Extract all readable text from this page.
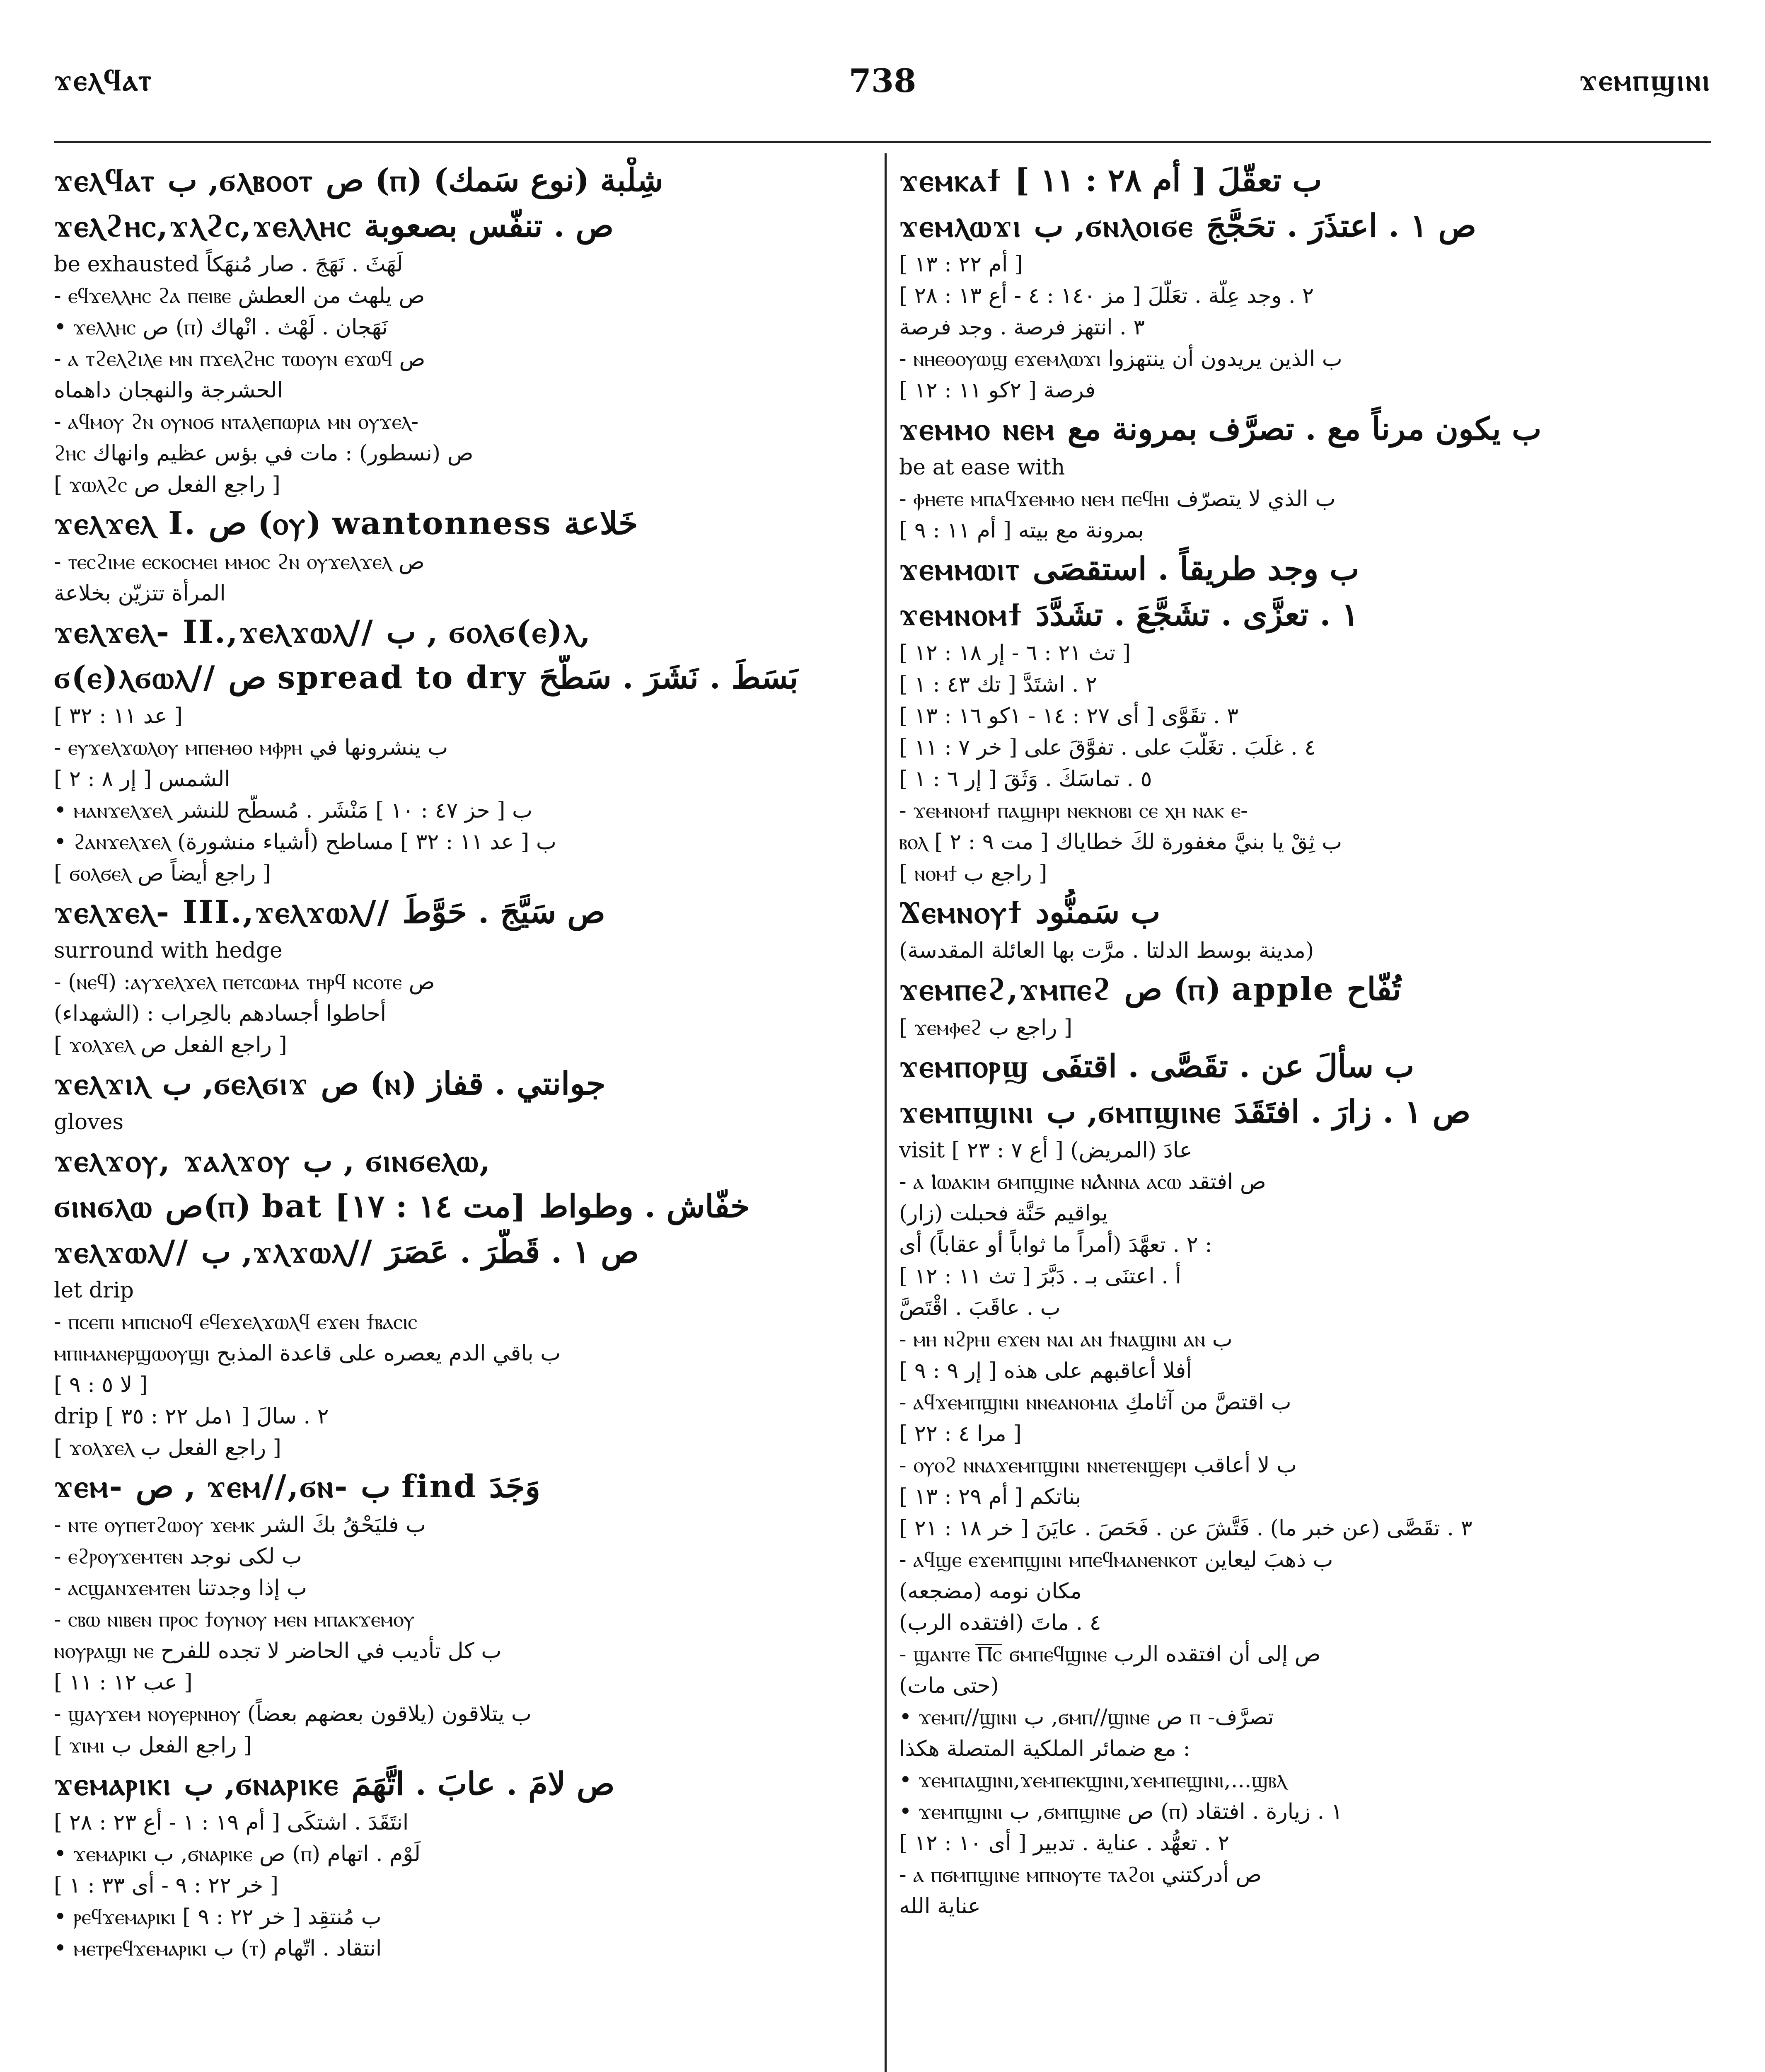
ϫⲉⲗϥⲁⲧ	738	ϫⲉⲙⲡϣⲓⲛⲓ
ϫⲉⲗϥⲁⲧ ب ,ϭⲗⲃⲟⲟⲧ ص (ⲡ) شِلْبة (نوع سَمك)
ϫⲉⲗϩⲏⲥ,ϫⲗϩⲥ,ϫⲉⲗⲗⲏⲥ ص . تنفّس بصعوبة
be exhausted لَهَثَ . نَهَجَ . صار مُنهَكاً
- ⲉϥϫⲉⲗⲗⲏⲥ ϩⲁ ⲡⲉⲓⲃⲉ ص يلهث من العطش
• ϫⲉⲗⲗⲏⲥ ص (ⲡ) نَهَجان . لَهْث . انْهاك
- ⲁ ⲧϩⲉⲗϩⲓⲗⲉ ⲙⲛ ⲡϫⲉⲗϩⲏⲥ ⲧⲱⲟⲩⲛ ⲉϫⲱϥ ص
الحشرجة والنهجان داهماه
- ⲁϥⲙⲟⲩ ϩⲛ ⲟⲩⲛⲟϭ ⲛⲧⲁⲗⲉⲡⲱⲣⲓⲁ ⲙⲛ ⲟⲩϫⲉⲗ-
ϩⲏⲥ ص (نسطور) : مات في بؤس عظيم وانهاك
[ ϫⲱⲗϩⲥ راجع الفعل ص ]
ϫⲉⲗϫⲉⲗ I. ص (ⲟⲩ) wantonness خَلاعة
- ⲧⲉⲥϩⲓⲙⲉ ⲉⲥⲕⲟⲥⲙⲉⲓ ⲙⲙⲟⲥ ϩⲛ ⲟⲩϫⲉⲗϫⲉⲗ ص
المرأة تتزيّن بخلاعة
ϫⲉⲗϫⲉⲗ- II.,ϫⲉⲗϫⲱⲗ// ب , ϭⲟⲗϭ(ⲉ)ⲗ,
ϭ(ⲉ)ⲗϭⲱⲗ// ص spread to dry بَسَطَ . نَشَرَ . سَطَّحَ
[ عد ١١ : ٣٢ ]
- ⲉⲩϫⲉⲗϫⲱⲗⲟⲩ ⲙⲡⲉⲙⲑⲟ ⲙⲫⲣⲏ ب ينشرونها في
الشمس [ إر ٨ : ٢ ]
• ⲙⲁⲛϫⲉⲗϫⲉⲗ ب [ حز ٤٧ : ١٠ ] مَنْشَر . مُسطَّح للنشر
• ϩⲁⲛϫⲉⲗϫⲉⲗ ب [ عد ١١ : ٣٢ ] مساطح (أشياء منشورة)
[ ϭⲟⲗϭⲉⲗ راجع أيضاً ص ]
ϫⲉⲗϫⲉⲗ- III.,ϫⲉⲗϫⲱⲗ// ص سَيَّجَ . حَوَّطَ
surround with hedge
- (ⲛⲉϥ) :ⲁⲩϫⲉⲗϫⲉⲗ ⲡⲉⲧⲥⲱⲙⲁ ⲧⲏⲣϥ ⲛⲥⲟⲧⲉ ص
(الشهداء) : أحاطوا أجسادهم بالحِراب
[ ϫⲟⲗϫⲉⲗ راجع الفعل ص ]
ϫⲉⲗϫⲓⲗ ب ,ϭⲉⲗϭⲓϫ ص (ⲛ) جوانتي . قفاز
gloves
ϫⲉⲗϫⲟⲩ, ϫⲁⲗϫⲟⲩ ب , ϭⲓⲛϭⲉⲗⲱ,
ϭⲓⲛϭⲗⲱ ص(ⲡ) bat [مت ١٤ : ١٧] خفّاش . وطواط
ϫⲉⲗϫⲱⲗ// ب ,ϫⲗϫⲱⲗ// ص ١ . قَطَّرَ . عَصَرَ
let drip
- ⲡⲥⲉⲡⲓ ⲙⲡⲓⲥⲛⲟϥ ⲉϥⲉϫⲉⲗϫⲱⲗϥ ⲉϫⲉⲛ ϯⲃⲁⲥⲓⲥ
ⲙⲡⲓⲙⲁⲛⲉⲣϣⲱⲟⲩϣⲓ ب باقي الدم يعصره على قاعدة المذبح
[ لا ٥ : ٩ ]
drip [ ١مل ٢٢ : ٣٥ ] ٢ . سالَ
[ ϫⲟⲗϫⲉⲗ راجع الفعل ب ]
ϫⲉⲙ- ص , ϫⲉⲙ//,ϭⲛ- ب find وَجَدَ
- ⲛⲧⲉ ⲟⲩⲡⲉⲧϩⲱⲟⲩ ϫⲉⲙⲕ ب فليَحْقُ بكَ الشر
- ⲉϩⲣⲟⲩϫⲉⲙⲧⲉⲛ ب لكى نوجد
- ⲁⲥϣⲁⲛϫⲉⲙⲧⲉⲛ ب إذا وجدتنا
- ⲥⲃⲱ ⲛⲓⲃⲉⲛ ⲡⲣⲟⲥ ϯⲟⲩⲛⲟⲩ ⲙⲉⲛ ⲙⲡⲁⲕϫⲉⲙⲟⲩ
ⲛⲟⲩⲣⲁϣⲓ ⲛⲉ ب كل تأديب في الحاضر لا تجده للفرح
[ عب ١٢ : ١١ ]
- ϣⲁⲩϫⲉⲙ ⲛⲟⲩⲉⲣⲛⲏⲟⲩ ب يتلاقون (يلاقون بعضهم بعضاً)
[ ϫⲓⲙⲓ راجع الفعل ب ]
ϫⲉⲙⲁⲣⲓⲕⲓ ب ,ϭⲛⲁⲣⲓⲕⲉ ص لامَ . عابَ . اتَّهَمَ
انتَقَدَ . اشتكَى [ أم ١٩ : ١ - أع ٢٣ : ٢٨ ]
• ϫⲉⲙⲁⲣⲓⲕⲓ ب ,ϭⲛⲁⲣⲓⲕⲉ ص (ⲡ) لَوْم . اتهام
[ خر ٢٢ : ٩ - أى ٣٣ : ١ ]
• ⲣⲉϥϫⲉⲙⲁⲣⲓⲕⲓ ب مُنتقِد [ خر ٢٢ : ٩ ]
• ⲙⲉⲧⲣⲉϥϫⲉⲙⲁⲣⲓⲕⲓ ب (ⲧ) انتقاد . اتّهام
ϫⲉⲙⲕⲁϯ ب تعقّلَ [ أم ٢٨ : ١١ ]
ϫⲉⲙⲗⲱϫⲓ ب ,ϭⲛⲗⲟⲓϭⲉ ص ١ . اعتذَرَ . تحَجَّجَ
[ أم ٢٢ : ١٣ ]
٢ . وجد عِلّة . تعَلَّلَ [ مز ١٤٠ : ٤ - أع ١٣ : ٢٨ ]
٣ . انتهز فرصة . وجد فرصة
- ⲛⲏⲉⲑⲟⲩⲱϣ ⲉϫⲉⲙⲗⲱϫⲓ ب الذين يريدون أن ينتهزوا
فرصة [ ٢كو ١١ : ١٢ ]
ϫⲉⲙⲙⲟ ⲛⲉⲙ ب يكون مرناً مع . تصرَّف بمرونة مع
be at ease with
- ⲫⲏⲉⲧⲉ ⲙⲡⲁϥϫⲉⲙⲙⲟ ⲛⲉⲙ ⲡⲉϥⲏⲓ ب الذي لا يتصرّف
بمرونة مع بيته [ أم ١١ : ٩ ]
ϫⲉⲙⲙⲱⲓⲧ ب وجد طريقاً . استقصَى
ϫⲉⲙⲛⲟⲙϯ ١ . تعزَّى . تشَجَّعَ . تشَدَّدَ
[ تث ٢١ : ٦ - إر ١٨ : ١٢ ]
٢ . اشتَدَّ [ تك ٤٣ : ١ ]
٣ . تقَوَّى [ أى ٢٧ : ١٤ - ١كو ١٦ : ١٣ ]
٤ . غلَبَ . تغَلَّبَ على . تفوَّقَ على [ خر ٧ : ١١ ]
٥ . تماسَكَ . وَثَقَ [ إر ٦ : ١ ]
- ϫⲉⲙⲛⲟⲙϯ ⲡⲁϣⲏⲣⲓ ⲛⲉⲕⲛⲟⲃⲓ ⲥⲉ ⲭⲏ ⲛⲁⲕ ⲉ-
ⲃⲟⲗ ب ثِقْ يا بنيَّ مغفورة لكَ خطاياك [ مت ٩ : ٢ ]
[ ⲛⲟⲙϯ راجع ب ]
Ϫⲉⲙⲛⲟⲩϯ ب سَمنُّود
(مدينة بوسط الدلتا . مرَّت بها العائلة المقدسة)
ϫⲉⲙⲡⲉϩ,ϫⲙⲡⲉϩ ص (ⲡ) apple تُفّاح
[ ϫⲉⲙⲫⲉϩ راجع ب ]
ϫⲉⲙⲡⲟⲣϣ ب سألَ عن . تقَصَّى . اقتفَى
ϫⲉⲙⲡϣⲓⲛⲓ ب ,ϭⲙⲡϣⲓⲛⲉ ص ١ . زارَ . افتَقَدَ
visit [ أع ٧ : ٢٣ ] عادَ (المريض)
- ⲁ Ⲓⲱⲁⲕⲓⲙ ϭⲙⲡϣⲓⲛⲉ ⲛⲀⲛⲛⲁ ⲁⲥⲱ ص افتقد
(زار) يواقيم حَنَّة فحبلت
٢ . تعهَّدَ (أمراً ما ثواباً أو عقاباً) أى :
أ . اعتنَى بـ . دَبَّرَ [ تث ١١ : ١٢ ]
ب . عاقَبَ . اقْتَصَّ
- ⲙⲏ ⲛϩⲣⲏⲓ ⲉϫⲉⲛ ⲛⲁⲓ ⲁⲛ ϯⲛⲁϣⲓⲛⲓ ⲁⲛ ب
أفلا أعاقبهم على هذه [ إر ٩ : ٩ ]
- ⲁϥϫⲉⲙⲡϣⲓⲛⲓ ⲛⲛⲉⲁⲛⲟⲙⲓⲁ ب اقتصَّ من آثامكِ
[ مرا ٤ : ٢٢ ]
- ⲟⲩⲟϩ ⲛⲛⲁϫⲉⲙⲡϣⲓⲛⲓ ⲛⲛⲉⲧⲉⲛϣⲉⲣⲓ ب لا أعاقب
بناتكم [ أم ٢٩ : ١٣ ]
٣ . تقَصَّى (عن خبر ما) . فَتَّشَ عن . فَحَصَ . عايَنَ [ خر ١٨ : ٢١ ]
- ⲁϥϣⲉ ⲉϫⲉⲙⲡϣⲓⲛⲓ ⲙⲡⲉϥⲙⲁⲛⲉⲛⲕⲟⲧ ب ذهبَ ليعاين
مكان نومه (مضجعه)
٤ . ماتَ (افتقده الرب)
- ϣⲁⲛⲧⲉ Ⲡ̅ⲥ̅ ϭⲙⲡⲉϥϣⲓⲛⲉ ص إلى أن افتقده الرب
(حتى مات)
• ϫⲉⲙⲡ//ϣⲓⲛⲓ ب ,ϭⲙⲡ//ϣⲓⲛⲉ ص ⲡ -تصرَّف
مع ضمائر الملكية المتصلة هكذا :
• ϫⲉⲙⲡⲁϣⲓⲛⲓ,ϫⲉⲙⲡⲉⲕϣⲓⲛⲓ,ϫⲉⲙⲡⲉϣⲓⲛⲓ,...ϣⲃⲗ
• ϫⲉⲙⲡϣⲓⲛⲓ ب ,ϭⲙⲡϣⲓⲛⲉ ص (ⲡ) ١ . زيارة . افتقاد
٢ . تعهُّد . عناية . تدبير [ أى ١٠ : ١٢ ]
- ⲁ ⲡϭⲙⲡϣⲓⲛⲉ ⲙⲡⲛⲟⲩⲧⲉ ⲧⲁϩⲟⲓ ص أدركتني
عناية الله
